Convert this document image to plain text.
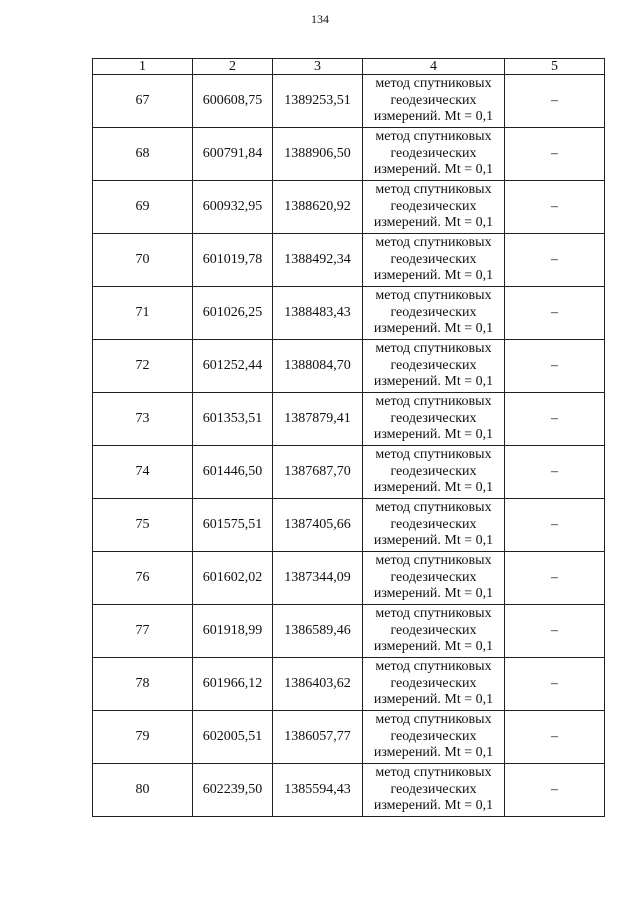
134
1	2	3	4	5
67	600608,75	1389253,51	метод спутниковых
геодезических
измерений. Mt = 0,1	–
68	600791,84	1388906,50	метод спутниковых
геодезических
измерений. Mt = 0,1	–
69	600932,95	1388620,92	метод спутниковых
геодезических
измерений. Mt = 0,1	–
70	601019,78	1388492,34	метод спутниковых
геодезических
измерений. Mt = 0,1	–
71	601026,25	1388483,43	метод спутниковых
геодезических
измерений. Mt = 0,1	–
72	601252,44	1388084,70	метод спутниковых
геодезических
измерений. Mt = 0,1	–
73	601353,51	1387879,41	метод спутниковых
геодезических
измерений. Mt = 0,1	–
74	601446,50	1387687,70	метод спутниковых
геодезических
измерений. Mt = 0,1	–
75	601575,51	1387405,66	метод спутниковых
геодезических
измерений. Mt = 0,1	–
76	601602,02	1387344,09	метод спутниковых
геодезических
измерений. Mt = 0,1	–
77	601918,99	1386589,46	метод спутниковых
геодезических
измерений. Mt = 0,1	–
78	601966,12	1386403,62	метод спутниковых
геодезических
измерений. Mt = 0,1	–
79	602005,51	1386057,77	метод спутниковых
геодезических
измерений. Mt = 0,1	–
80	602239,50	1385594,43	метод спутниковых
геодезических
измерений. Mt = 0,1	–
